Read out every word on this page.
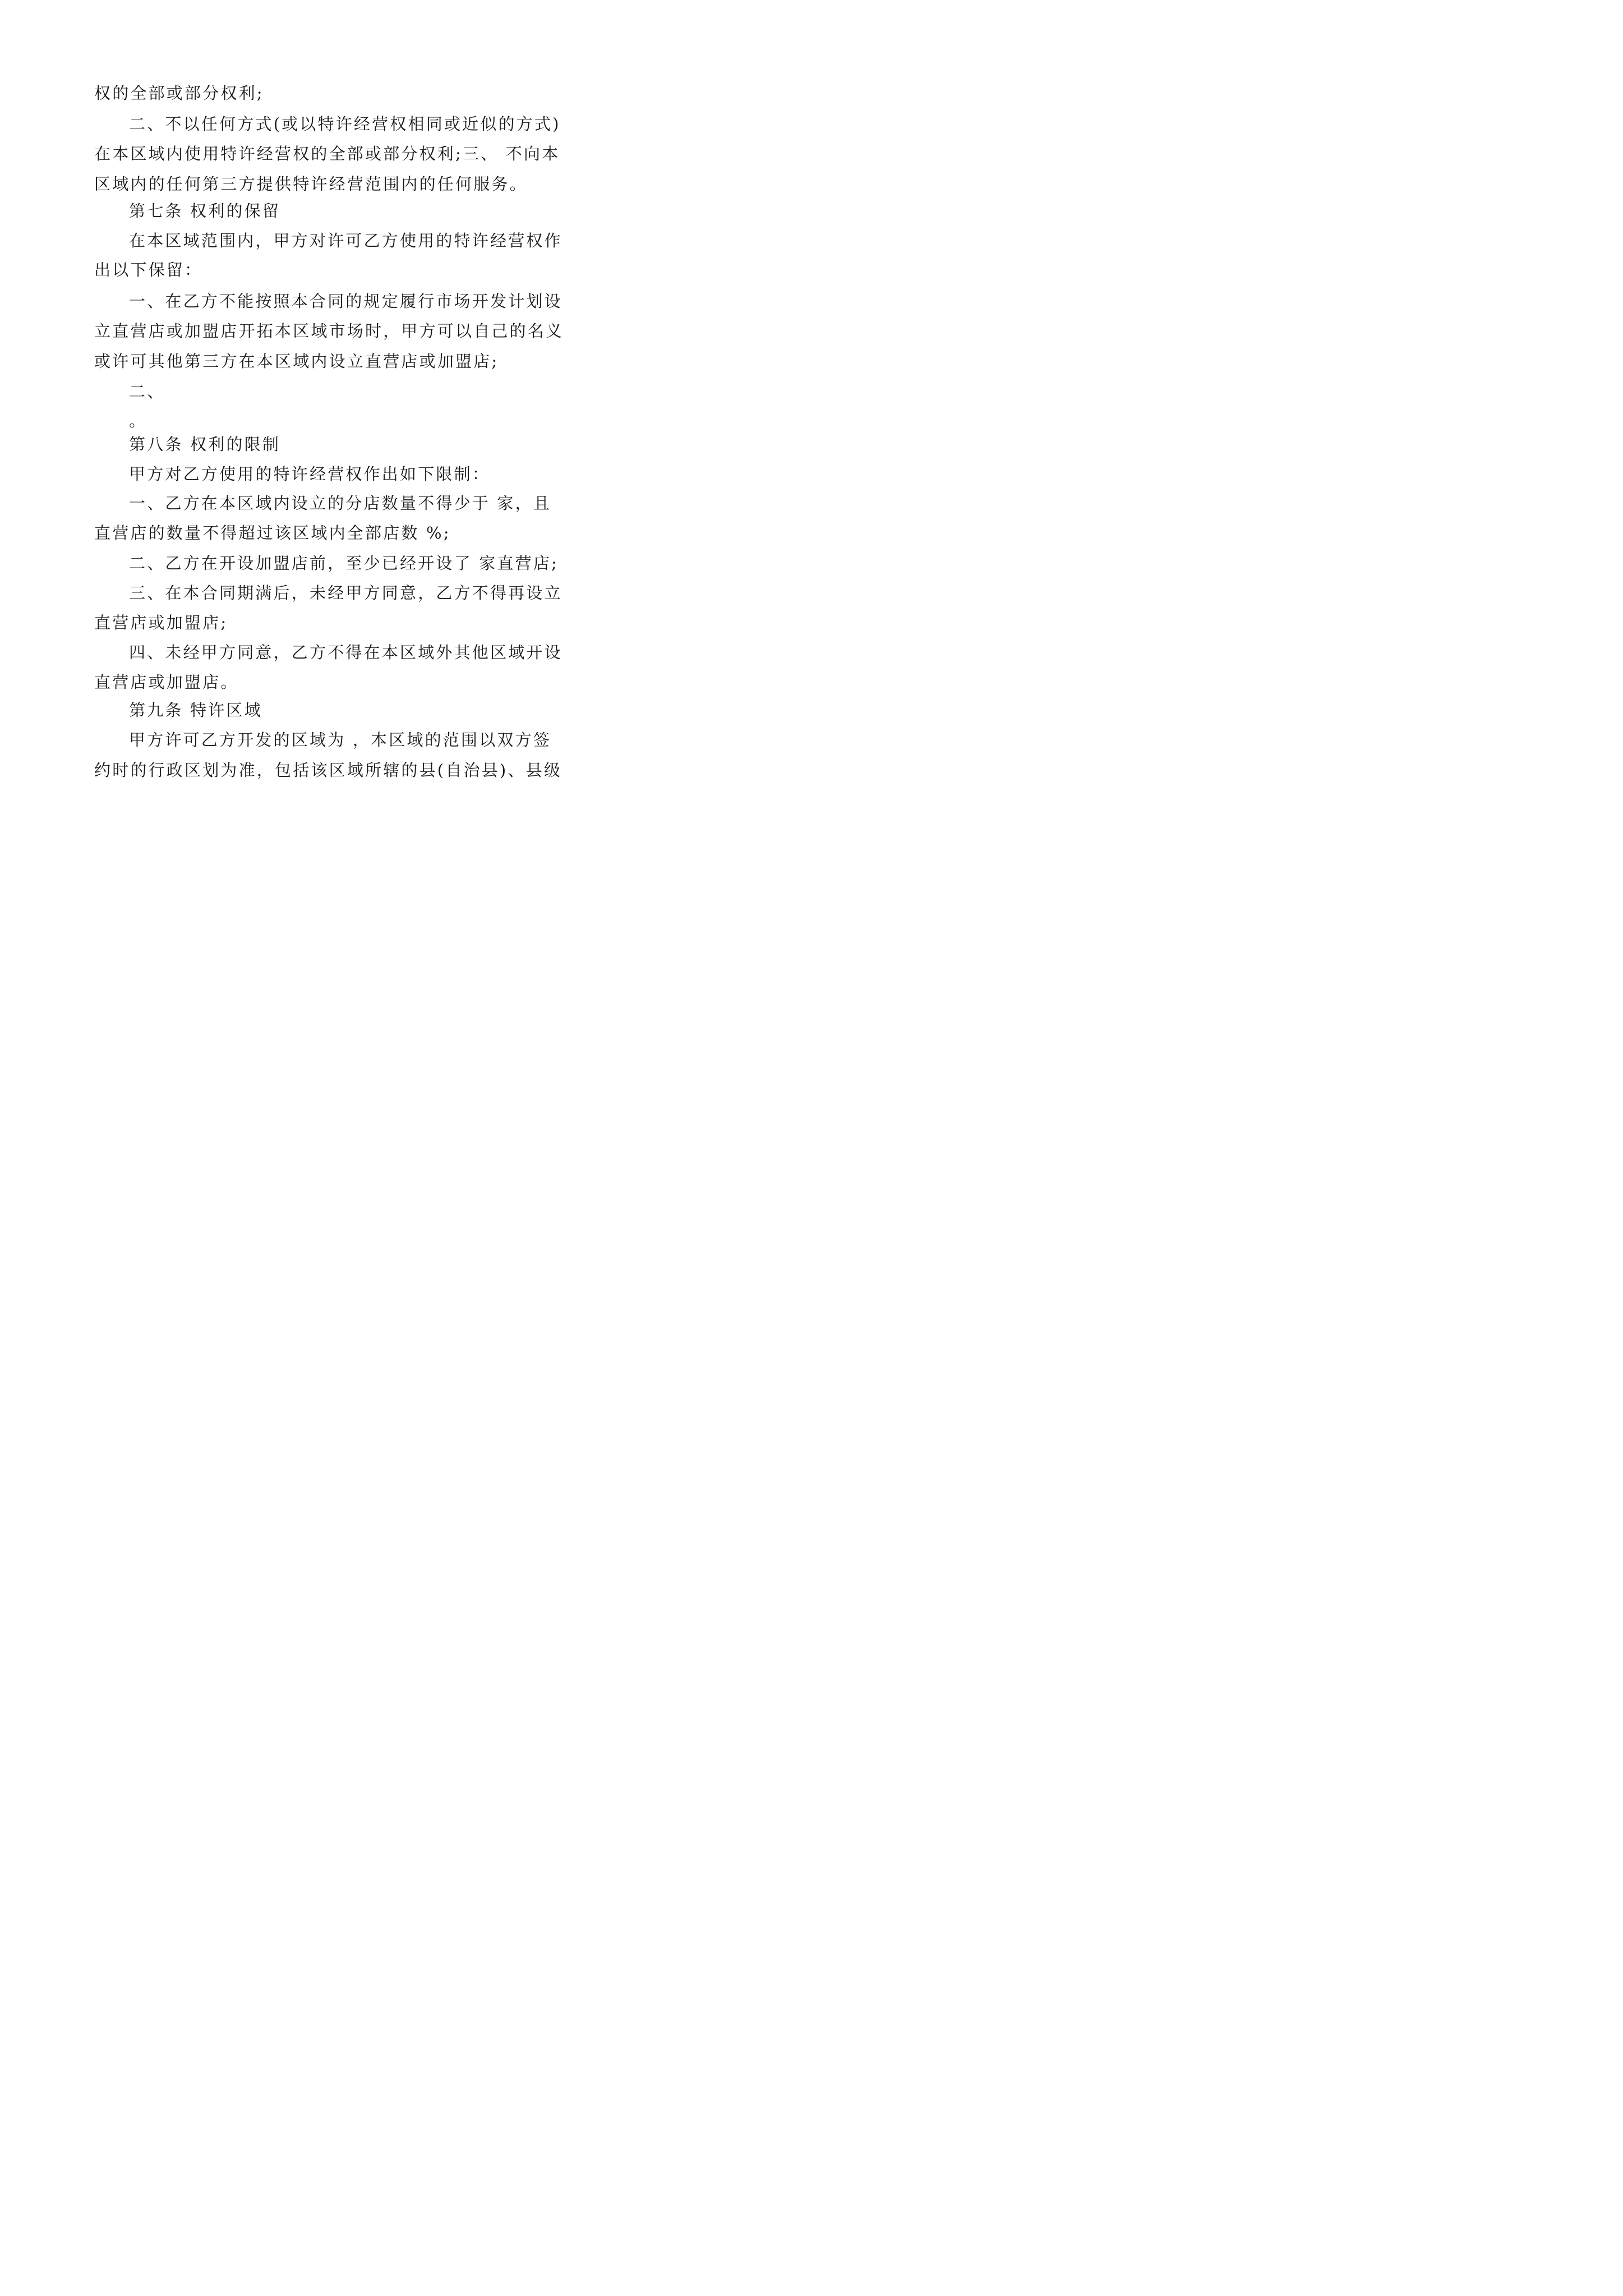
权的全部或部分权利;
二、不以任何方式(或以特许经营权相同或近似的方式)
在本区域内使用特许经营权的全部或部分权利;三、 不向本
区域内的任何第三方提供特许经营范围内的任何服务。
第七条 权利的保留
在本区域范围内，甲方对许可乙方使用的特许经营权作
出以下保留：
一、在乙方不能按照本合同的规定履行市场开发计划设
立直营店或加盟店开拓本区域市场时，甲方可以自己的名义
或许可其他第三方在本区域内设立直营店或加盟店;
二、
。
第八条 权利的限制
甲方对乙方使用的特许经营权作出如下限制：
一、乙方在本区域内设立的分店数量不得少于 家，且
直营店的数量不得超过该区域内全部店数 %;
二、乙方在开设加盟店前，至少已经开设了 家直营店;
三、在本合同期满后，未经甲方同意，乙方不得再设立
直营店或加盟店;
四、未经甲方同意，乙方不得在本区域外其他区域开设
直营店或加盟店。
第九条 特许区域
甲方许可乙方开发的区域为 ，本区域的范围以双方签
约时的行政区划为准，包括该区域所辖的县(自治县)、县级
